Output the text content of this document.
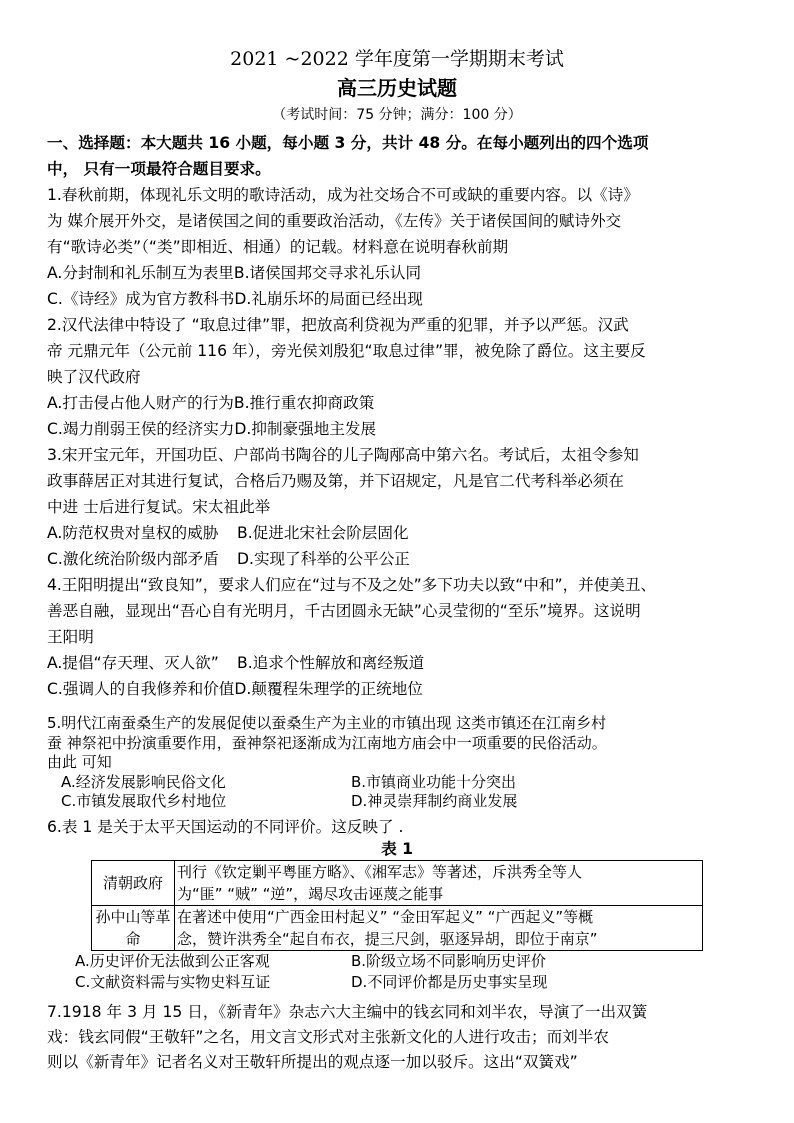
2021 ~2022 学年度第一学期期末考试
高三历史试题
（考试时间：75 分钟；满分：100 分）
一、选择题：本大题共 16 小题，每小题 3 分，共计 48 分。在每小题列出的四个选项
中， 只有一项最符合题目要求。
1.春秋前期，体现礼乐文明的歌诗活动，成为社交场合不可或缺的重要内容。以《诗》
为 媒介展开外交，是诸侯国之间的重要政治活动，《左传》关于诸侯国间的赋诗外交
有“歌诗必类”（“类”即相近、相通）的记载。材料意在说明春秋前期
A.分封制和礼乐制互为表里 B.诸侯国邦交寻求礼乐认同
C.《诗经》成为官方教科书 D.礼崩乐坏的局面已经出现
2.汉代法律中特设了 “取息过律”罪，把放高利贷视为严重的犯罪，并予以严惩。汉武
帝 元鼎元年（公元前 116 年），旁光侯刘殷犯“取息过律”罪，被免除了爵位。这主要反
映了汉代政府
A.打击侵占他人财产的行为 B.推行重农抑商政策
C.竭力削弱王侯的经济实力 D.抑制豪强地主发展
3.宋开宝元年，开国功臣、户部尚书陶谷的儿子陶邴高中第六名。考试后，太祖令参知
政事薛居正对其进行复试，合格后乃赐及第，并下诏规定，凡是官二代考科举必须在
中进 士后进行复试。宋太祖此举
A.防范权贵对皇权的威胁	B.促进北宋社会阶层固化
C.激化统治阶级内部矛盾	D.实现了科举的公平公正
4.王阳明提出“致良知”，要求人们应在“过与不及之处”多下功夫以致“中和”，并使美丑、
善恶自融，显现出“吾心自有光明月，千古团圆永无缺”心灵莹彻的“至乐”境界。这说明
王阳明
A.提倡“存天理、灭人欲”	B.追求个性解放和离经叛道
C.强调人的自我修养和价值 D.颠覆程朱理学的正统地位
5.明代江南蚕桑生产的发展促使以蚕桑生产为主业的市镇出现 这类市镇还在江南乡村
蚕 神祭祀中扮演重要作用，蚕神祭祀逐渐成为江南地方庙会中一项重要的民俗活动。
由此 可知
A.经济发展影响民俗文化	B.市镇商业功能十分突出
C.市镇发展取代乡村地位	D.神灵崇拜制约商业发展
6.表 1 是关于太平天国运动的不同评价。这反映了 .
表 1
清朝政府	刊行《钦定剿平粤匪方略》、《湘军志》等著述，斥洪秀全等人
为“匪” “贼” “逆”，竭尽攻击诬蔑之能事

孙中山等革命	在著述中使用“广西金田村起义” “金田军起义” “广西起义”等概
念，赞许洪秀全“起自布衣，提三尺剑，驱逐异胡，即位于南京”
A.历史评价无法做到公正客观	B.阶级立场不同影响历史评价
C.文献资料需与实物史料互证	D.不同评价都是历史事实呈现
7.1918 年 3 月 15 日，《新青年》杂志六大主编中的钱玄同和刘半农，导演了一出双簧
戏：钱玄同假“王敬轩”之名，用文言文形式对主张新文化的人进行攻击；而刘半农
则以《新青年》记者名义对王敬轩所提出的观点逐一加以驳斥。这出“双簧戏”
